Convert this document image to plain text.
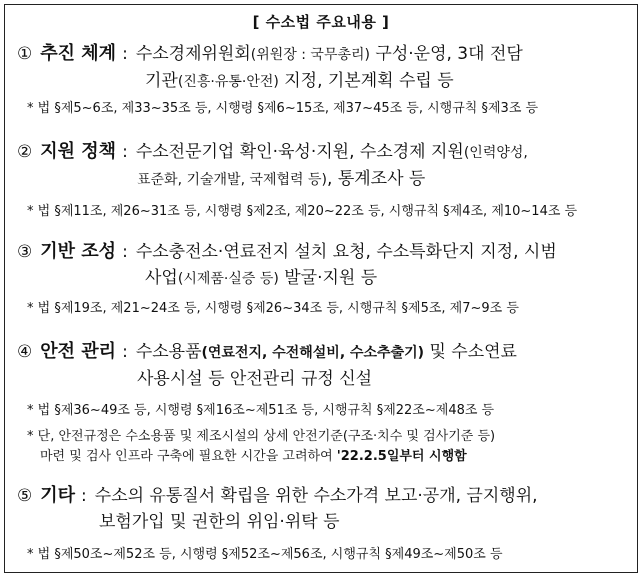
[ 수소법 주요내용 ]
① 추진 체계 : 수소경제위원회(위원장 : 국무총리) 구성·운영, 3대 전담
기관(진흥·유통·안전) 지정, 기본계획 수립 등
* 법 §제5~6조, 제33~35조 등, 시행령 §제6~15조, 제37~45조 등, 시행규칙 §제3조 등
② 지원 정책 : 수소전문기업 확인·육성·지원, 수소경제 지원(인력양성,
표준화, 기술개발, 국제협력 등), 통계조사 등
* 법 §제11조, 제26~31조 등, 시행령 §제2조, 제20~22조 등, 시행규칙 §제4조, 제10~14조 등
③ 기반 조성 : 수소충전소·연료전지 설치 요청, 수소특화단지 지정, 시범
사업(시제품·실증 등) 발굴·지원 등
* 법 §제19조, 제21~24조 등, 시행령 §제26~34조 등, 시행규칙 §제5조, 제7~9조 등
④ 안전 관리 : 수소용품(연료전지, 수전해설비, 수소추출기) 및 수소연료
사용시설 등 안전관리 규정 신설
* 법 §제36~49조 등, 시행령 §제16조~제51조 등, 시행규칙 §제22조~제48조 등
* 단, 안전규정은 수소용품 및 제조시설의 상세 안전기준(구조·치수 및 검사기준 등)
마련 및 검사 인프라 구축에 필요한 시간을 고려하여 '22.2.5일부터 시행함
⑤ 기타 : 수소의 유통질서 확립을 위한 수소가격 보고·공개, 금지행위,
보험가입 및 권한의 위임·위탁 등
* 법 §제50조~제52조 등, 시행령 §제52조~제56조, 시행규칙 §제49조~제50조 등
